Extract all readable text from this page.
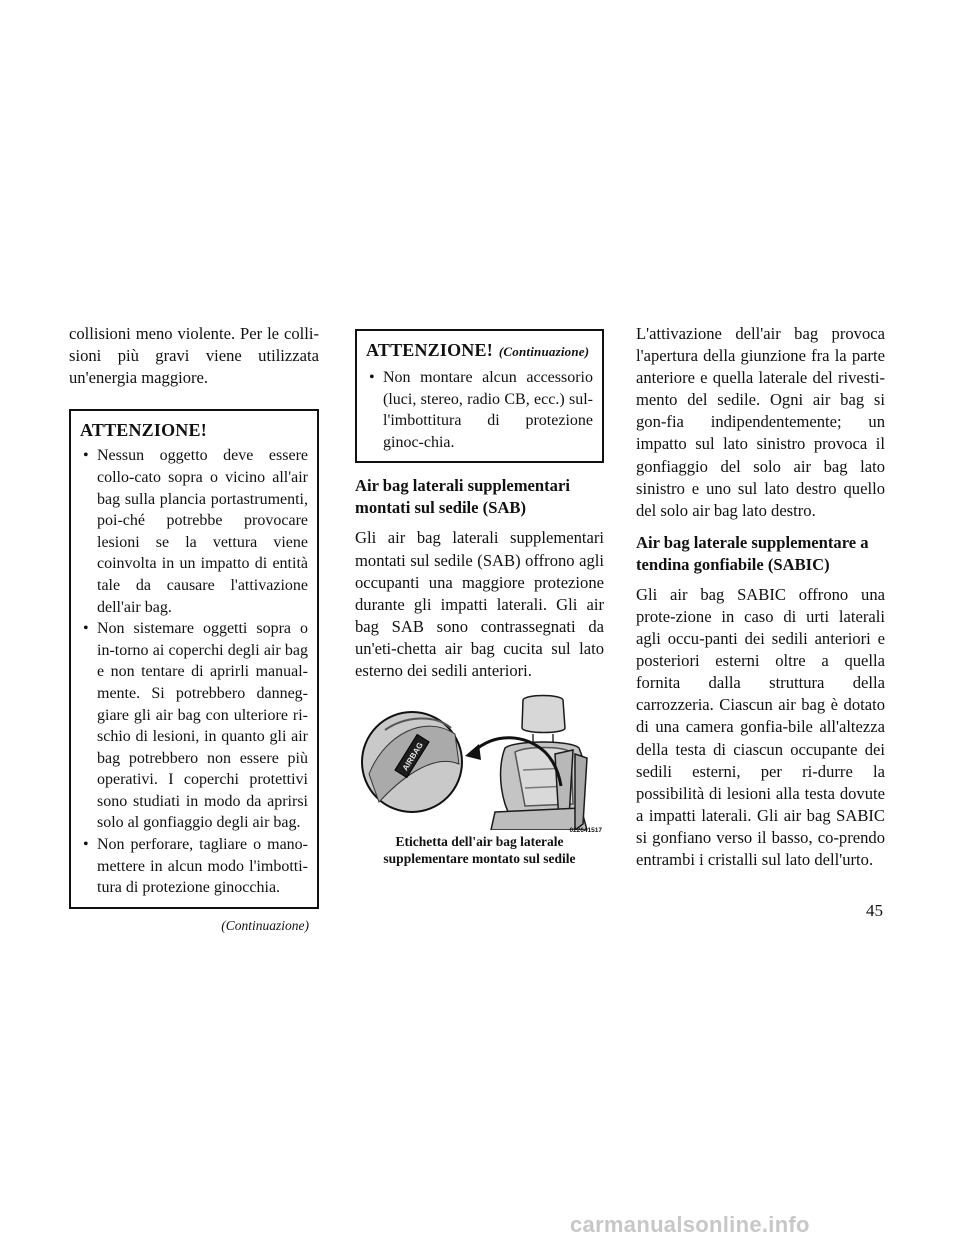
collisioni meno violente. Per le colli-sioni più gravi viene utilizzata un'energia maggiore.

ATTENZIONE!
• Nessun oggetto deve essere collo-cato sopra o vicino all'air bag sulla plancia portastrumenti, poi-ché potrebbe provocare lesioni se la vettura viene coinvolta in un impatto di entità tale da causare l'attivazione dell'air bag.
• Non sistemare oggetti sopra o in-torno ai coperchi degli air bag e non tentare di aprirli manual-mente. Si potrebbero danneg-giare gli air bag con ulteriore ri-schio di lesioni, in quanto gli air bag potrebbero non essere più operativi. I coperchi protettivi sono studiati in modo da aprirsi solo al gonfiaggio degli air bag.
• Non perforare, tagliare o mano-mettere in alcun modo l'imbotti-tura di protezione ginocchia.
(Continuazione)
ATTENZIONE! (Continuazione)
• Non montare alcun accessorio (luci, stereo, radio CB, ecc.) sul-l'imbottitura di protezione ginoc-chia.
Air bag laterali supplementari montati sul sedile (SAB)

Gli air bag laterali supplementari montati sul sedile (SAB) offrono agli occupanti una maggiore protezione durante gli impatti laterali. Gli air bag SAB sono contrassegnati da un'eti-chetta air bag cucita sul lato esterno dei sedili anteriori.

AIRBAG
022641517
Etichetta dell'air bag laterale
supplementare montato sul sedile

L'attivazione dell'air bag provoca l'apertura della giunzione fra la parte anteriore e quella laterale del rivesti-mento del sedile. Ogni air bag si gon-fia indipendentemente; un impatto sul lato sinistro provoca il gonfiaggio del solo air bag lato sinistro e uno sul lato destro quello del solo air bag lato destro.

Air bag laterale supplementare a tendina gonfiabile (SABIC)

Gli air bag SABIC offrono una prote-zione in caso di urti laterali agli occu-panti dei sedili anteriori e posteriori esterni oltre a quella fornita dalla struttura della carrozzeria. Ciascun air bag è dotato di una camera gonfia-bile all'altezza della testa di ciascun occupante dei sedili esterni, per ri-durre la possibilità di lesioni alla testa dovute a impatti laterali. Gli air bag SABIC si gonfiano verso il basso, co-prendo entrambi i cristalli sul lato dell'urto.

45
carmanualsonline.info
